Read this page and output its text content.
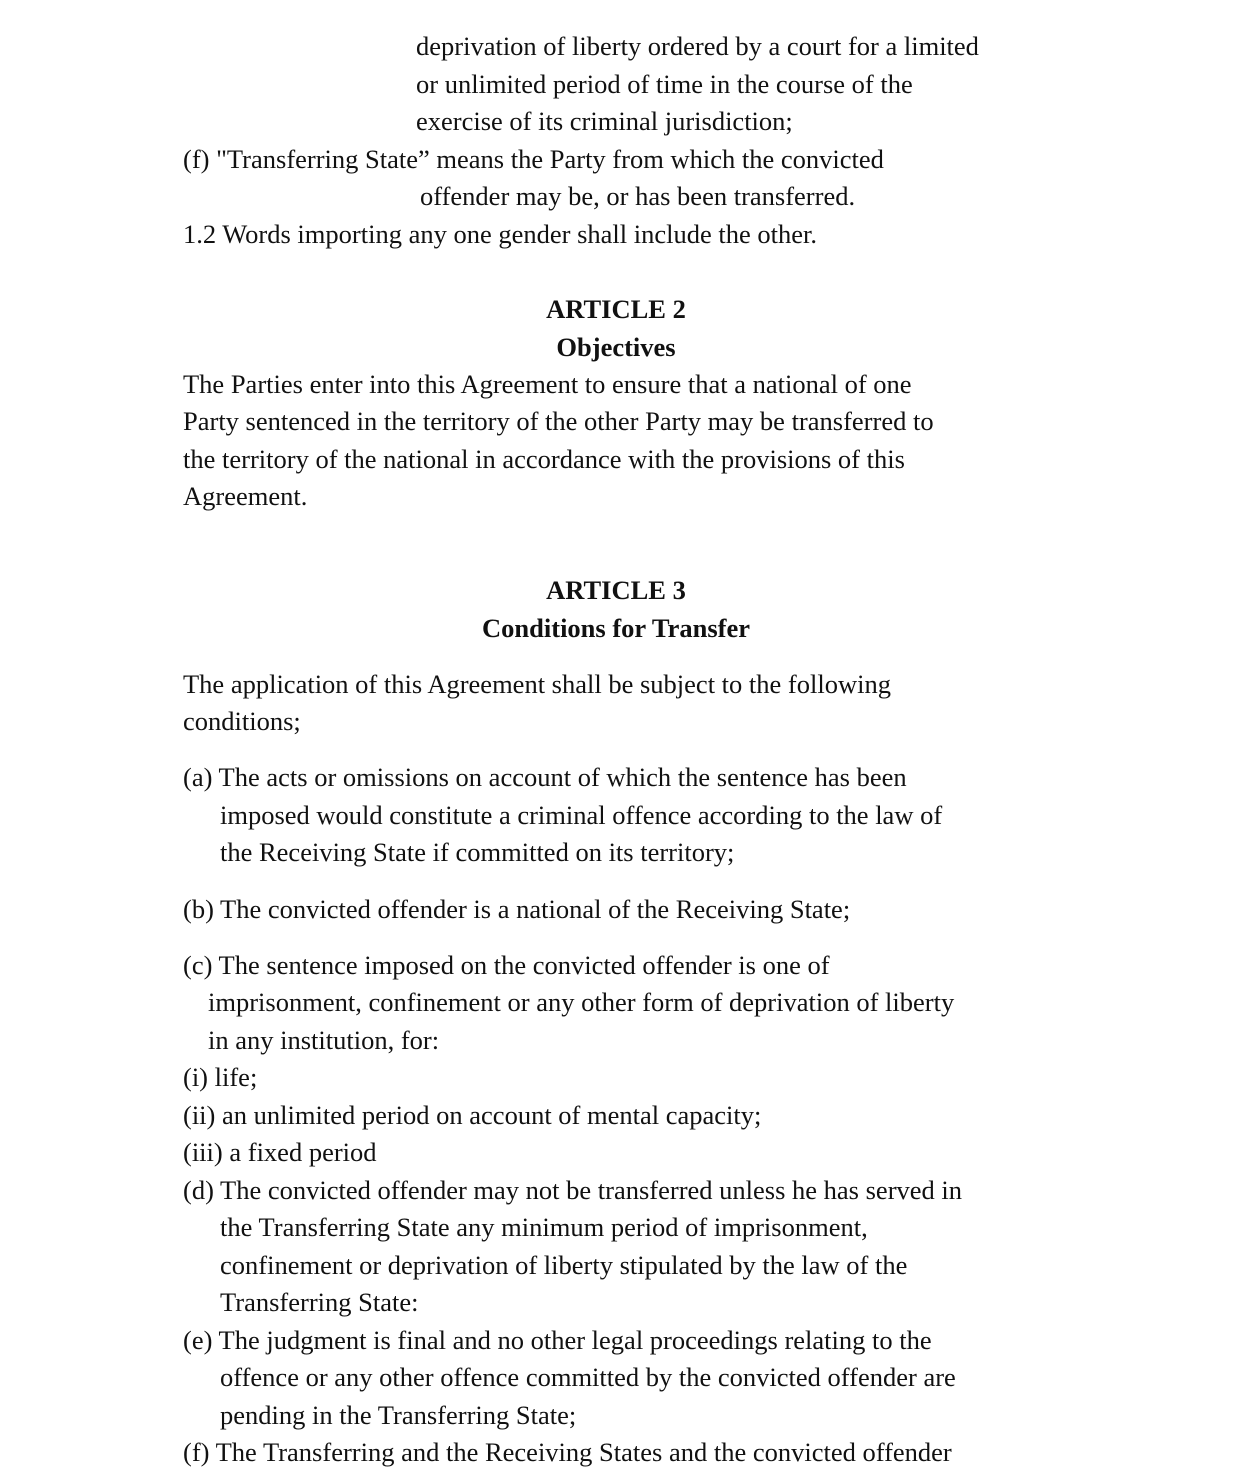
deprivation of liberty ordered by a court for a limited
or unlimited period of time in the course of the
exercise of its criminal jurisdiction;
(f) "Transferring State” means the Party from which the convicted
offender may be, or has been transferred.
1.2 Words importing any one gender shall include the other.
ARTICLE 2
Objectives
The Parties enter into this Agreement to ensure that a national of one
Party sentenced in the territory of the other Party may be transferred to
the territory of the national in accordance with the provisions of this
Agreement.
ARTICLE 3
Conditions for Transfer
The application of this Agreement shall be subject to the following
conditions;
(a) The acts or omissions on account of which the sentence has been
imposed would constitute a criminal offence according to the law of
the Receiving State if committed on its territory;
(b) The convicted offender is a national of the Receiving State;
(c) The sentence imposed on the convicted offender is one of
imprisonment, confinement or any other form of deprivation of liberty
in any institution, for:
(i) life;
(ii) an unlimited period on account of mental capacity;
(iii) a fixed period
(d) The convicted offender may not be transferred unless he has served in
the Transferring State any minimum period of imprisonment,
confinement or deprivation of liberty stipulated by the law of the
Transferring State:
(e) The judgment is final and no other legal proceedings relating to the
offence or any other offence committed by the convicted offender are
pending in the Transferring State;
(f) The Transferring and the Receiving States and the convicted offender
